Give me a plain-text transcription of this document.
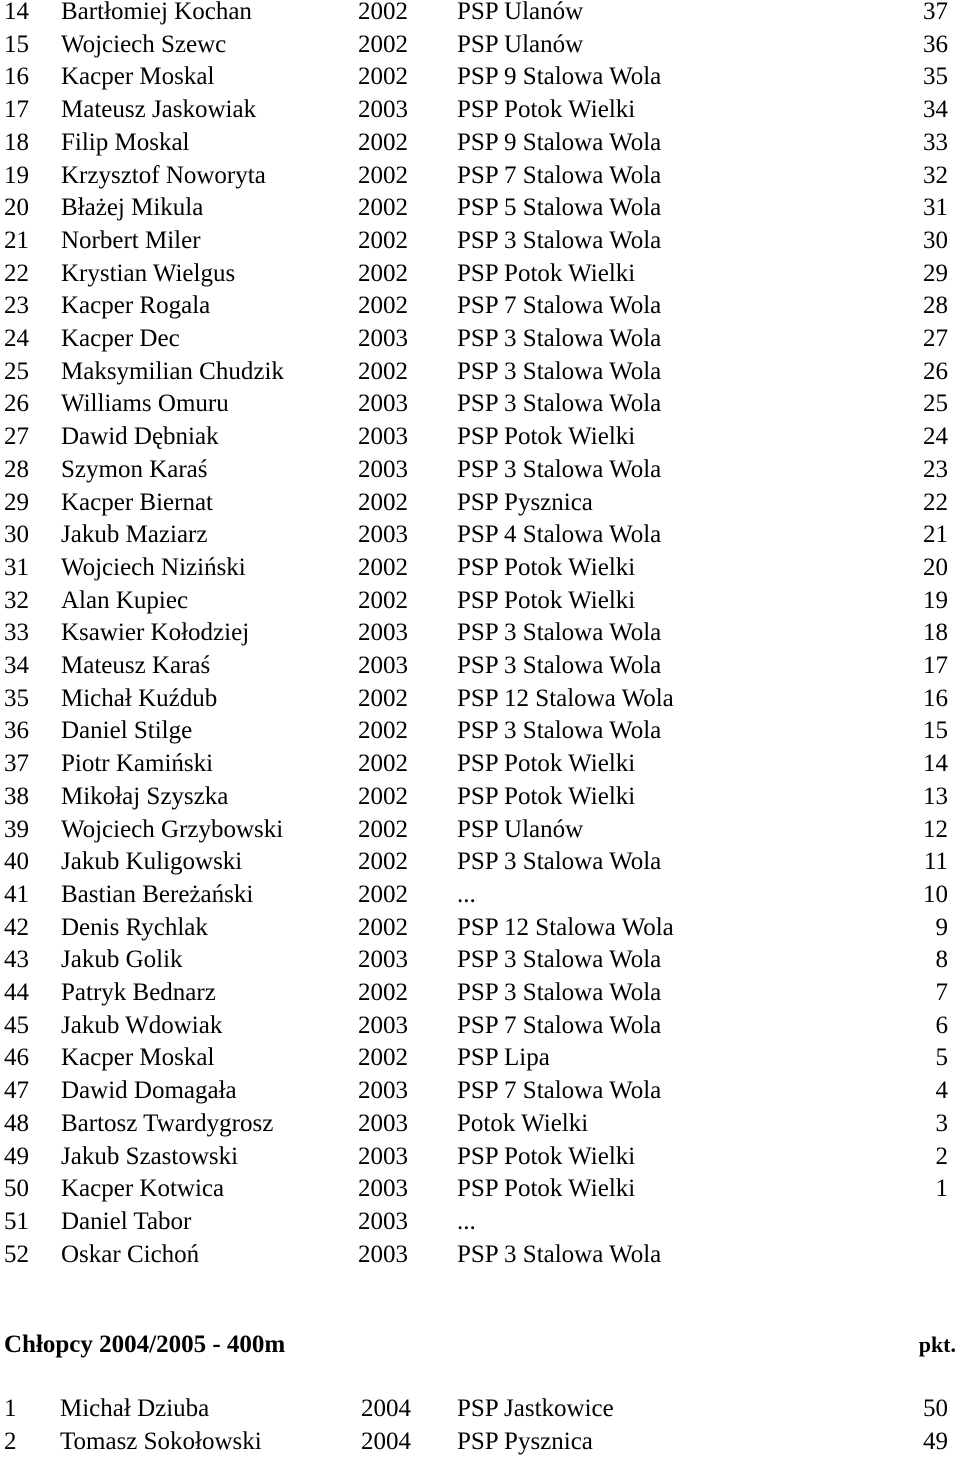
14 Bartłomiej Kochan	2002 PSP Ulanów	37
15 Wojciech Szewc	2002 PSP Ulanów	36
16 Kacper Moskal	2002 PSP 9 Stalowa Wola	35
17 Mateusz Jaskowiak	2003 PSP Potok Wielki	34
18 Filip Moskal	2002 PSP 9 Stalowa Wola	33
19 Krzysztof Noworyta	2002 PSP 7 Stalowa Wola	32
20 Błażej Mikula	2002 PSP 5 Stalowa Wola	31
21 Norbert Miler	2002 PSP 3 Stalowa Wola	30
22 Krystian Wielgus	2002 PSP Potok Wielki	29
23 Kacper Rogala	2002 PSP 7 Stalowa Wola	28
24 Kacper Dec	2003 PSP 3 Stalowa Wola	27
25 Maksymilian Chudzik	2002 PSP 3 Stalowa Wola	26
26 Williams Omuru	2003 PSP 3 Stalowa Wola	25
27 Dawid Dębniak	2003 PSP Potok Wielki	24
28 Szymon Karaś	2003 PSP 3 Stalowa Wola	23
29 Kacper Biernat	2002 PSP Pysznica	22
30 Jakub Maziarz	2003 PSP 4 Stalowa Wola	21
31 Wojciech Niziński	2002 PSP Potok Wielki	20
32 Alan Kupiec	2002 PSP Potok Wielki	19
33 Ksawier Kołodziej	2003 PSP 3 Stalowa Wola	18
34 Mateusz Karaś	2003 PSP 3 Stalowa Wola	17
35 Michał Kuźdub	2002 PSP 12 Stalowa Wola	16
36 Daniel Stilge	2002 PSP 3 Stalowa Wola	15
37 Piotr Kamiński	2002 PSP Potok Wielki	14
38 Mikołaj Szyszka	2002 PSP Potok Wielki	13
39 Wojciech Grzybowski	2002 PSP Ulanów	12
40 Jakub Kuligowski	2002 PSP 3 Stalowa Wola	11
41 Bastian Bereżański	2002 ...	10
42 Denis Rychlak	2002 PSP 12 Stalowa Wola	9
43 Jakub Golik	2003 PSP 3 Stalowa Wola	8
44 Patryk Bednarz	2002 PSP 3 Stalowa Wola	7
45 Jakub Wdowiak	2003 PSP 7 Stalowa Wola	6
46 Kacper Moskal	2002 PSP Lipa	5
47 Dawid Domagała	2003 PSP 7 Stalowa Wola	4
48 Bartosz Twardygrosz	2003 Potok Wielki	3
49 Jakub Szastowski	2003 PSP Potok Wielki	2
50 Kacper Kotwica	2003 PSP Potok Wielki	1
51 Daniel Tabor	2003 ...
52 Oskar Cichoń	2003 PSP 3 Stalowa Wola
Chłopcy 2004/2005 - 400m	pkt.
1 Michał Dziuba	2004 PSP Jastkowice	50
2 Tomasz Sokołowski	2004 PSP Pysznica	49
